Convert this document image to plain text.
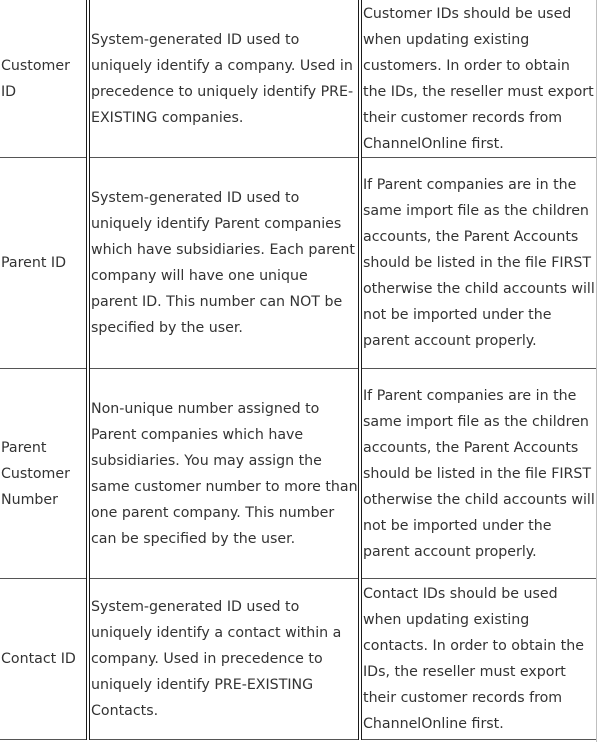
Customer ID	System-generated ID used to uniquely identify a company. Used in precedence to uniquely identify PRE- EXISTING companies.	Customer IDs should be used when updating existing customers. In order to obtain the IDs, the reseller must export their customer records from ChannelOnline first.
Parent ID	System-generated ID used to uniquely identify Parent companies which have subsidiaries. Each parent company will have one unique parent ID. This number can NOT be specified by the user.	If Parent companies are in the same import file as the children accounts, the Parent Accounts should be listed in the file FIRST otherwise the child accounts will not be imported under the parent account properly.
Parent Customer Number	Non-unique number assigned to Parent companies which have subsidiaries. You may assign the same customer number to more than one parent company. This number can be specified by the user.	If Parent companies are in the same import file as the children accounts, the Parent Accounts should be listed in the file FIRST otherwise the child accounts will not be imported under the parent account properly.
Contact ID	System-generated ID used to uniquely identify a contact within a company. Used in precedence to uniquely identify PRE-EXISTING Contacts.	Contact IDs should be used when updating existing contacts. In order to obtain the IDs, the reseller must export their customer records from ChannelOnline first.
